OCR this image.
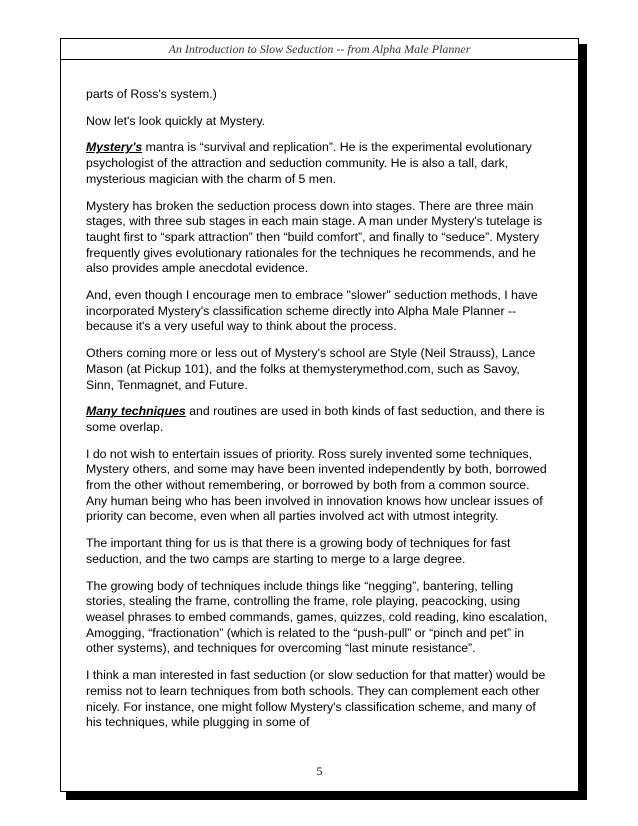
An Introduction to Slow Seduction -- from Alpha Male Planner

parts of Ross's system.)

Now let's look quickly at Mystery.

Mystery's mantra is “survival and replication”. He is the experimental evolutionary psychologist of the attraction and seduction community. He is also a tall, dark, mysterious magician with the charm of 5 men.

Mystery has broken the seduction process down into stages. There are three main stages, with three sub stages in each main stage. A man under Mystery's tutelage is taught first to “spark attraction” then “build comfort”, and finally to “seduce”. Mystery frequently gives evolutionary rationales for the techniques he recommends, and he also provides ample anecdotal evidence.

And, even though I encourage men to embrace "slower" seduction methods, I have incorporated Mystery's classification scheme directly into Alpha Male Planner -- because it's a very useful way to think about the process.

Others coming more or less out of Mystery's school are Style (Neil Strauss), Lance Mason (at Pickup 101), and the folks at themysterymethod.com, such as Savoy, Sinn, Tenmagnet, and Future.

Many techniques and routines are used in both kinds of fast seduction, and there is some overlap.

I do not wish to entertain issues of priority. Ross surely invented some techniques, Mystery others, and some may have been invented independently by both, borrowed from the other without remembering, or borrowed by both from a common source. Any human being who has been involved in innovation knows how unclear issues of priority can become, even when all parties involved act with utmost integrity.

The important thing for us is that there is a growing body of techniques for fast seduction, and the two camps are starting to merge to a large degree.

The growing body of techniques include things like “negging”, bantering, telling stories, stealing the frame, controlling the frame, role playing, peacocking, using weasel phrases to embed commands, games, quizzes, cold reading, kino escalation, Amogging, “fractionation” (which is related to the “push-pull” or “pinch and pet” in other systems), and techniques for overcoming “last minute resistance”.

I think a man interested in fast seduction (or slow seduction for that matter) would be remiss not to learn techniques from both schools. They can complement each other nicely. For instance, one might follow Mystery's classification scheme, and many of his techniques, while plugging in some of

5
